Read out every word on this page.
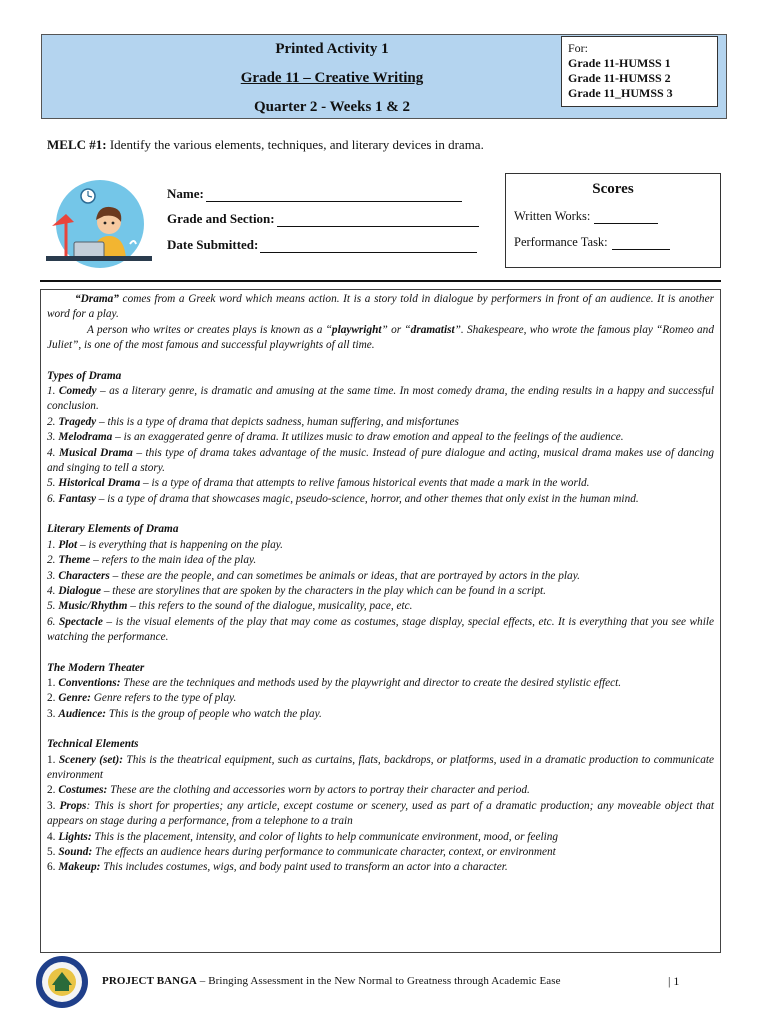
Printed Activity 1
Grade 11 – Creative Writing
Quarter 2 - Weeks 1 & 2
For:
Grade 11-HUMSS 1
Grade 11-HUMSS 2
Grade 11_HUMSS 3
MELC #1: Identify the various elements, techniques, and literary devices in drama.
Name :
Grade and Section :
Date Submitted :
Scores
Written Works:
Performance Task:

“Drama” comes from a Greek word which means action. It is a story told in dialogue by performers in front of an audience. It is another word for a play.

A person who writes or creates plays is known as a “playwright” or “dramatist”. Shakespeare, who wrote the famous play “Romeo and Juliet”, is one of the most famous and successful playwrights of all time.

Types of Drama

1. Comedy – as a literary genre, is dramatic and amusing at the same time. In most comedy drama, the ending results in a happy and successful conclusion.

2. Tragedy – this is a type of drama that depicts sadness, human suffering, and misfortunes

3. Melodrama – is an exaggerated genre of drama. It utilizes music to draw emotion and appeal to the feelings of the audience.

4. Musical Drama – this type of drama takes advantage of the music. Instead of pure dialogue and acting, musical drama makes use of dancing and singing to tell a story.

5. Historical Drama – is a type of drama that attempts to relive famous historical events that made a mark in the world.

6. Fantasy – is a type of drama that showcases magic, pseudo-science, horror, and other themes that only exist in the human mind.

Literary Elements of Drama

1. Plot – is everything that is happening on the play.

2. Theme – refers to the main idea of the play.

3. Characters – these are the people, and can sometimes be animals or ideas, that are portrayed by actors in the play.

4. Dialogue – these are storylines that are spoken by the characters in the play which can be found in a script.

5. Music/Rhythm – this refers to the sound of the dialogue, musicality, pace, etc.

6. Spectacle – is the visual elements of the play that may come as costumes, stage display, special effects, etc. It is everything that you see while watching the performance.

The Modern Theater

1. Conventions: These are the techniques and methods used by the playwright and director to create the desired stylistic effect.

2. Genre: Genre refers to the type of play.

3. Audience: This is the group of people who watch the play.

Technical Elements

1. Scenery (set): This is the theatrical equipment, such as curtains, flats, backdrops, or platforms, used in a dramatic production to communicate environment

2. Costumes: These are the clothing and accessories worn by actors to portray their character and period.

3. Props: This is short for properties; any article, except costume or scenery, used as part of a dramatic production; any moveable object that appears on stage during a performance, from a telephone to a train

4. Lights: This is the placement, intensity, and color of lights to help communicate environment, mood, or feeling

5. Sound: The effects an audience hears during performance to communicate character, context, or environment

6. Makeup: This includes costumes, wigs, and body paint used to transform an actor into a character.

PROJECT BANGA – Bringing Assessment in the New Normal to Greatness through Academic Ease	| 1
